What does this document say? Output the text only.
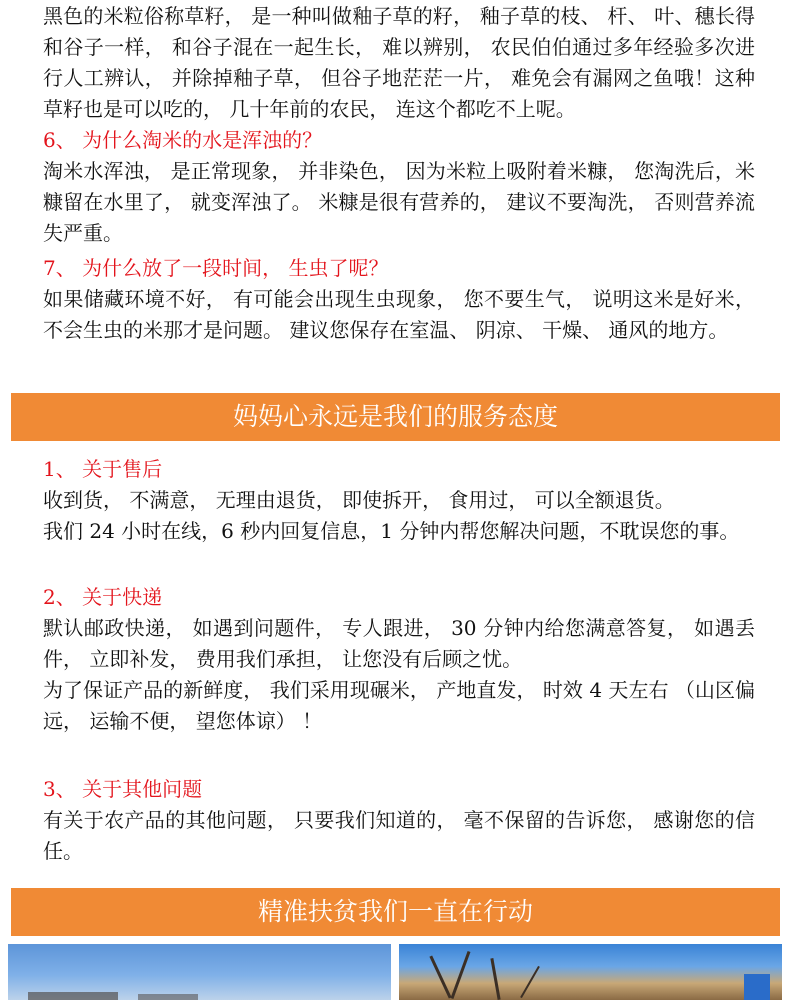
黑色的米粒俗称草籽， 是一种叫做釉子草的籽， 釉子草的枝、 杆、 叶、穗长得和谷子一样， 和谷子混在一起生长， 难以辨别， 农民伯伯通过多年经验多次进行人工辨认， 并除掉釉子草， 但谷子地茫茫一片， 难免会有漏网之鱼哦！这种草籽也是可以吃的， 几十年前的农民， 连这个都吃不上呢。

6、 为什么淘米的水是浑浊的？

淘米水浑浊， 是正常现象， 并非染色， 因为米粒上吸附着米糠， 您淘洗后，米糠留在水里了， 就变浑浊了。 米糠是很有营养的， 建议不要淘洗， 否则营养流失严重。

7、 为什么放了一段时间， 生虫了呢？

如果储藏环境不好， 有可能会出现生虫现象， 您不要生气， 说明这米是好米， 不会生虫的米那才是问题。 建议您保存在室温、 阴凉、 干燥、 通风的地方。

妈妈心永远是我们的服务态度

1、 关于售后

收到货， 不满意， 无理由退货， 即使拆开， 食用过， 可以全额退货。

我们 24 小时在线，6 秒内回复信息，1 分钟内帮您解决问题，不耽误您的事。

2、 关于快递

默认邮政快递， 如遇到问题件， 专人跟进， 30 分钟内给您满意答复， 如遇丢件， 立即补发， 费用我们承担， 让您没有后顾之忧。

为了保证产品的新鲜度， 我们采用现碾米， 产地直发， 时效 4 天左右 （山区偏远， 运输不便， 望您体谅） ！

3、 关于其他问题

有关于农产品的其他问题， 只要我们知道的， 毫不保留的告诉您， 感谢您的信任。

精准扶贫我们一直在行动
